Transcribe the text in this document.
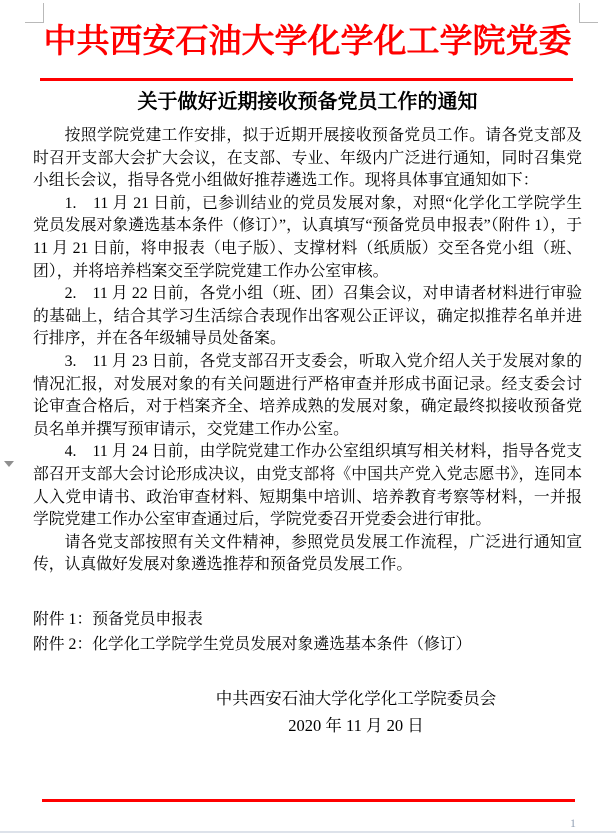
中共西安石油大学化学化工学院党委
关于做好近期接收预备党员工作的通知

按照学院党建工作安排，拟于近期开展接收预备党员工作。请各党支部及时召开支部大会扩大会议，在支部、专业、年级内广泛进行通知，同时召集党小组长会议，指导各党小组做好推荐遴选工作。现将具体事宜通知如下：

1.　11 月 21 日前，已参训结业的党员发展对象，对照“化学化工学院学生党员发展对象遴选基本条件（修订）”，认真填写“预备党员申报表”（附件 1），于 11 月 21 日前，将申报表（电子版）、支撑材料（纸质版）交至各党小组（班、团），并将培养档案交至学院党建工作办公室审核。

2.　11 月 22 日前，各党小组（班、团）召集会议，对申请者材料进行审验的基础上，结合其学习生活综合表现作出客观公正评议，确定拟推荐名单并进行排序，并在各年级辅导员处备案。

3.　11 月 23 日前，各党支部召开支委会，听取入党介绍人关于发展对象的情况汇报，对发展对象的有关问题进行严格审查并形成书面记录。经支委会讨论审查合格后，对于档案齐全、培养成熟的发展对象，确定最终拟接收预备党员名单并撰写预审请示，交党建工作办公室。

4.　11 月 24 日前，由学院党建工作办公室组织填写相关材料，指导各党支部召开支部大会讨论形成决议，由党支部将《中国共产党入党志愿书》，连同本人入党申请书、政治审查材料、短期集中培训、培养教育考察等材料，一并报学院党建工作办公室审查通过后，学院党委召开党委会进行审批。

请各党支部按照有关文件精神，参照党员发展工作流程，广泛进行通知宣传，认真做好发展对象遴选推荐和预备党员发展工作。

附件 1：预备党员申报表

附件 2：化学化工学院学生党员发展对象遴选基本条件（修订）

中共西安石油大学化学化工学院委员会
2020 年 11 月 20 日
1
